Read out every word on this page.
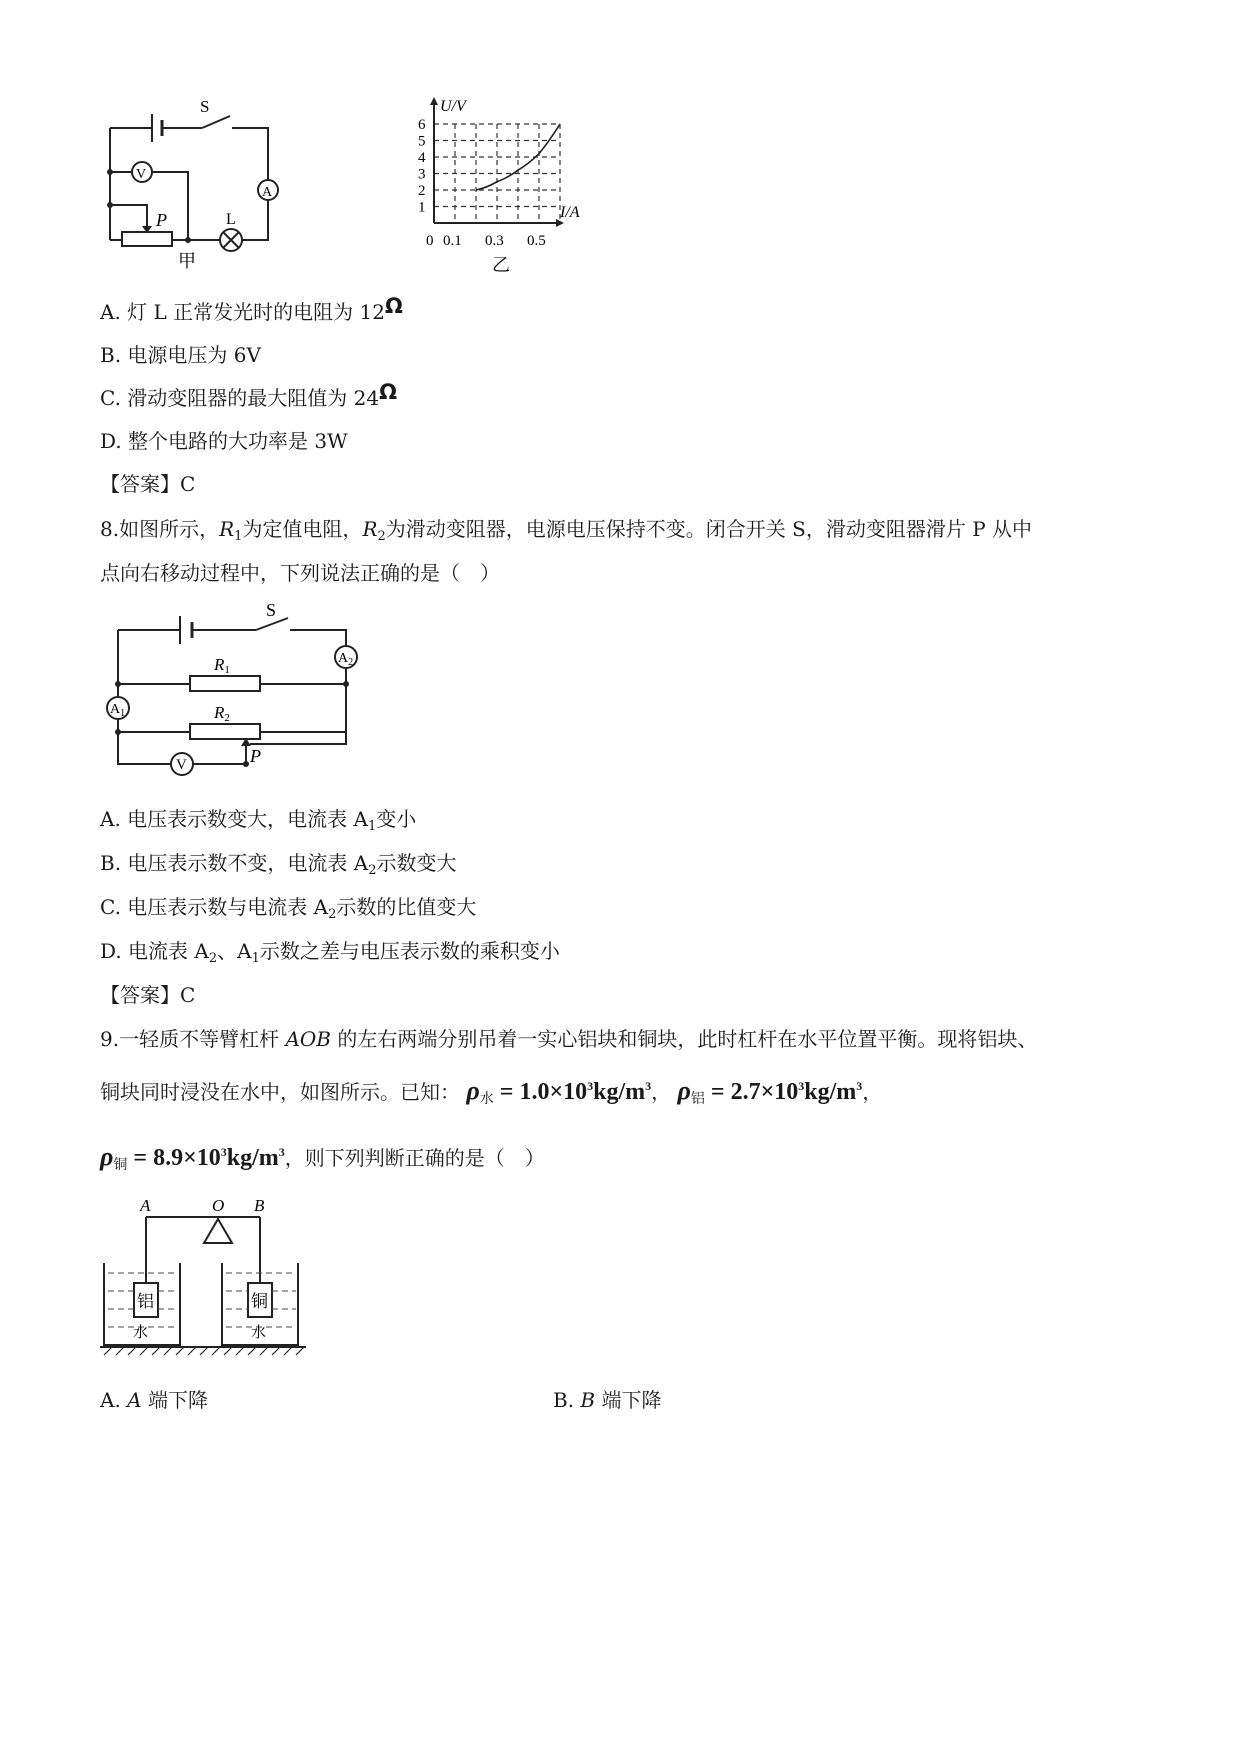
S
V
A
P	L
甲
1
2
3
4
5
6
0 0.1 0.3 0.5
U/V
I/A
乙
A. 灯 L 正常发光时的电阻为 12Ω
B. 电源电压为 6V
C. 滑动变阻器的最大阻值为 24Ω
D. 整个电路的大功率是 3W
【答案】C
8.如图所示，$R_1$为定值电阻，$R_2$为滑动变阻器，电源电压保持不变。闭合开关 S，滑动变阻器滑片 P 从中
点向右移动过程中，下列说法正确的是（　）
S
$A_2$
$A_1$
R1
R2
V	P
A. 电压表示数变大，电流表 $A_1$变小
B. 电压表示数不变，电流表 $A_2$示数变大
C. 电压表示数与电流表 $A_2$示数的比值变大
D. 电流表 $A_2$、$A_1$示数之差与电压表示数的乘积变小
【答案】C
9.一轻质不等臂杠杆 AOB 的左右两端分别吊着一实心铝块和铜块，此时杠杆在水平位置平衡。现将铝块、
铜块同时浸没在水中，如图所示。已知： $\rho_水 = 1.0\times 10^3kg/m^3$， $\rho_铝 = 2.7\times 10^3kg/m^3$，
$\rho_铜 = 8.9\times 10^3kg/m^3$，则下列判断正确的是（　）
A	O B
铝	铜
水	水
A. A 端下降	B. B 端下降
